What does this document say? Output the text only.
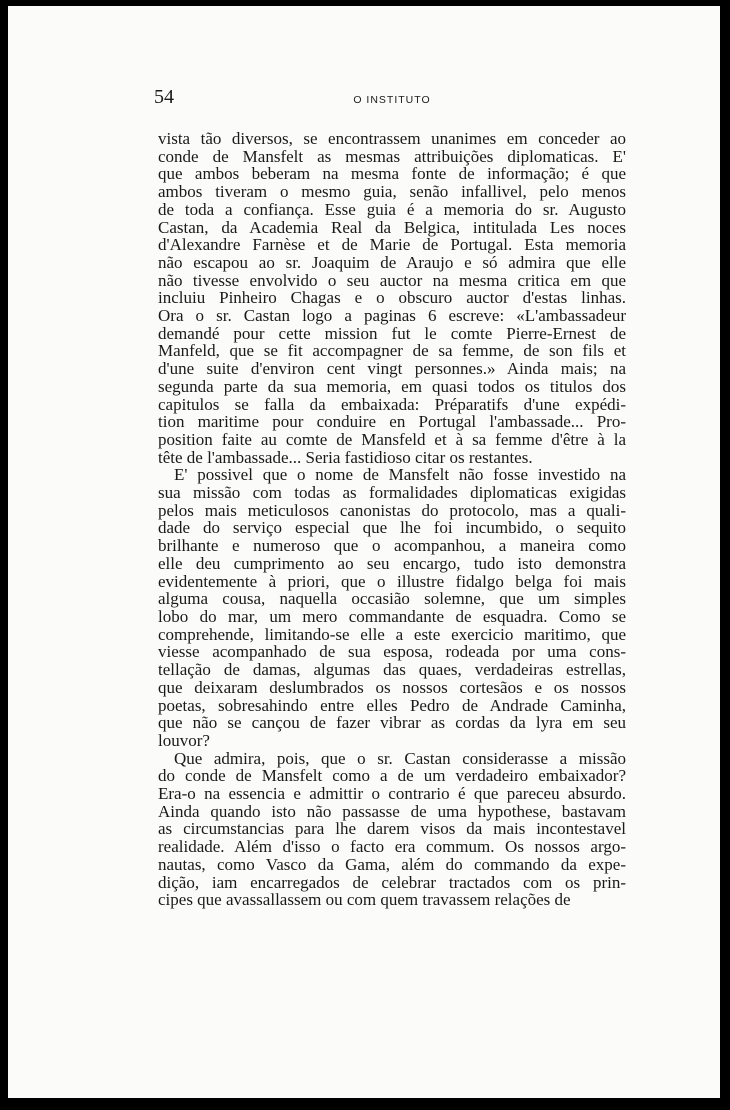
54	O INSTITUTO
vista tão diversos, se encontrassem unanimes em conceder ao
conde de Mansfelt as mesmas attribuições diplomaticas. E'
que ambos beberam na mesma fonte de informação; é que
ambos tiveram o mesmo guia, senão infallivel, pelo menos
de toda a confiança. Esse guia é a memoria do sr. Augusto
Castan, da Academia Real da Belgica, intitulada Les noces
d'Alexandre Farnèse et de Marie de Portugal. Esta memoria
não escapou ao sr. Joaquim de Araujo e só admira que elle
não tivesse envolvido o seu auctor na mesma critica em que
incluiu Pinheiro Chagas e o obscuro auctor d'estas linhas.
Ora o sr. Castan logo a paginas 6 escreve: «L'ambassadeur
demandé pour cette mission fut le comte Pierre-Ernest de
Manfeld, que se fit accompagner de sa femme, de son fils et
d'une suite d'environ cent vingt personnes.» Ainda mais; na
segunda parte da sua memoria, em quasi todos os titulos dos
capitulos se falla da embaixada: Préparatifs d'une expédi-
tion maritime pour conduire en Portugal l'ambassade... Pro-
position faite au comte de Mansfeld et à sa femme d'être à la
tête de l'ambassade... Seria fastidioso citar os restantes.
E' possivel que o nome de Mansfelt não fosse investido na
sua missão com todas as formalidades diplomaticas exigidas
pelos mais meticulosos canonistas do protocolo, mas a quali-
dade do serviço especial que lhe foi incumbido, o sequito
brilhante e numeroso que o acompanhou, a maneira como
elle deu cumprimento ao seu encargo, tudo isto demonstra
evidentemente à priori, que o illustre fidalgo belga foi mais
alguma cousa, naquella occasião solemne, que um simples
lobo do mar, um mero commandante de esquadra. Como se
comprehende, limitando-se elle a este exercicio maritimo, que
viesse acompanhado de sua esposa, rodeada por uma cons-
tellação de damas, algumas das quaes, verdadeiras estrellas,
que deixaram deslumbrados os nossos cortesãos e os nossos
poetas, sobresahindo entre elles Pedro de Andrade Caminha,
que não se cançou de fazer vibrar as cordas da lyra em seu
louvor?
Que admira, pois, que o sr. Castan considerasse a missão
do conde de Mansfelt como a de um verdadeiro embaixador?
Era-o na essencia e admittir o contrario é que pareceu absurdo.
Ainda quando isto não passasse de uma hypothese, bastavam
as circumstancias para lhe darem visos da mais incontestavel
realidade. Além d'isso o facto era commum. Os nossos argo-
nautas, como Vasco da Gama, além do commando da expe-
dição, iam encarregados de celebrar tractados com os prin-
cipes que avassallassem ou com quem travassem relações de
